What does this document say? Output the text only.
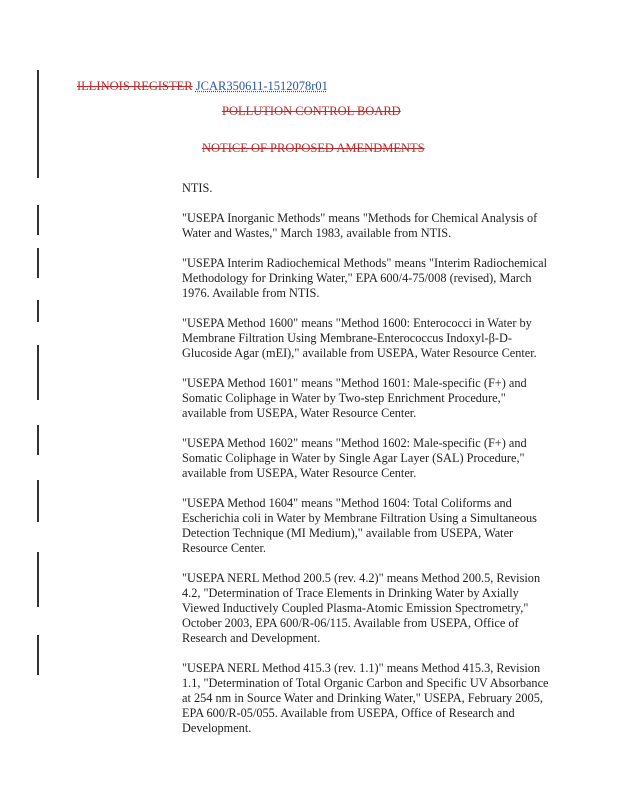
ILLINOIS REGISTER JCAR350611-1512078r01
POLLUTION CONTROL BOARD
NOTICE OF PROPOSED AMENDMENTS

NTIS.

"USEPA Inorganic Methods" means "Methods for Chemical Analysis of Water and Wastes," March 1983, available from NTIS.

"USEPA Interim Radiochemical Methods" means "Interim Radiochemical Methodology for Drinking Water," EPA 600/4-75/008 (revised), March 1976. Available from NTIS.

"USEPA Method 1600" means "Method 1600: Enterococci in Water by Membrane Filtration Using Membrane-Enterococcus Indoxyl-β-D-Glucoside Agar (mEI)," available from USEPA, Water Resource Center.

"USEPA Method 1601" means "Method 1601: Male-specific (F+) and Somatic Coliphage in Water by Two-step Enrichment Procedure," available from USEPA, Water Resource Center.

"USEPA Method 1602" means "Method 1602: Male-specific (F+) and Somatic Coliphage in Water by Single Agar Layer (SAL) Procedure," available from USEPA, Water Resource Center.

"USEPA Method 1604" means "Method 1604: Total Coliforms and Escherichia coli in Water by Membrane Filtration Using a Simultaneous Detection Technique (MI Medium)," available from USEPA, Water Resource Center.

"USEPA NERL Method 200.5 (rev. 4.2)" means Method 200.5, Revision 4.2, "Determination of Trace Elements in Drinking Water by Axially Viewed Inductively Coupled Plasma-Atomic Emission Spectrometry," October 2003, EPA 600/R-06/115. Available from USEPA, Office of Research and Development.

"USEPA NERL Method 415.3 (rev. 1.1)" means Method 415.3, Revision 1.1, "Determination of Total Organic Carbon and Specific UV Absorbance at 254 nm in Source Water and Drinking Water," USEPA, February 2005, EPA 600/R-05/055. Available from USEPA, Office of Research and Development.
